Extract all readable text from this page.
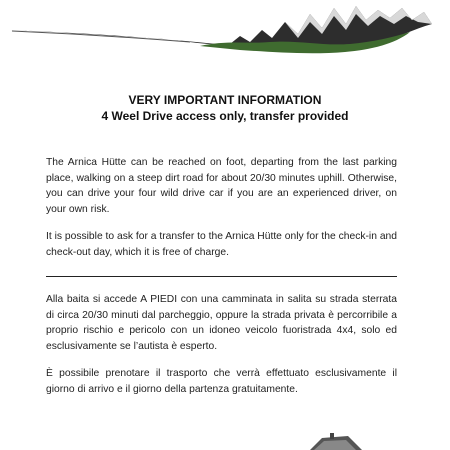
VERY IMPORTANT INFORMATION
4 Weel Drive access only, transfer provided
The Arnica Hütte can be reached on foot, departing from the last parking place, walking on a steep dirt road for about 20/30 minutes uphill. Otherwise, you can drive your four wild drive car if you are an experienced driver, on your own risk.
It is possible to ask for a transfer to the Arnica Hütte only for the check-in and check-out day, which it is free of charge.
Alla baita si accede A PIEDI con una camminata in salita su strada sterrata di circa 20/30 minuti dal parcheggio, oppure la strada privata è percorribile a proprio rischio e pericolo con un idoneo veicolo fuoristrada 4x4, solo ed esclusivamente se l’autista è esperto.
È possibile prenotare il trasporto che verrà effettuato esclusivamente il giorno di arrivo e il giorno della partenza gratuitamente.
